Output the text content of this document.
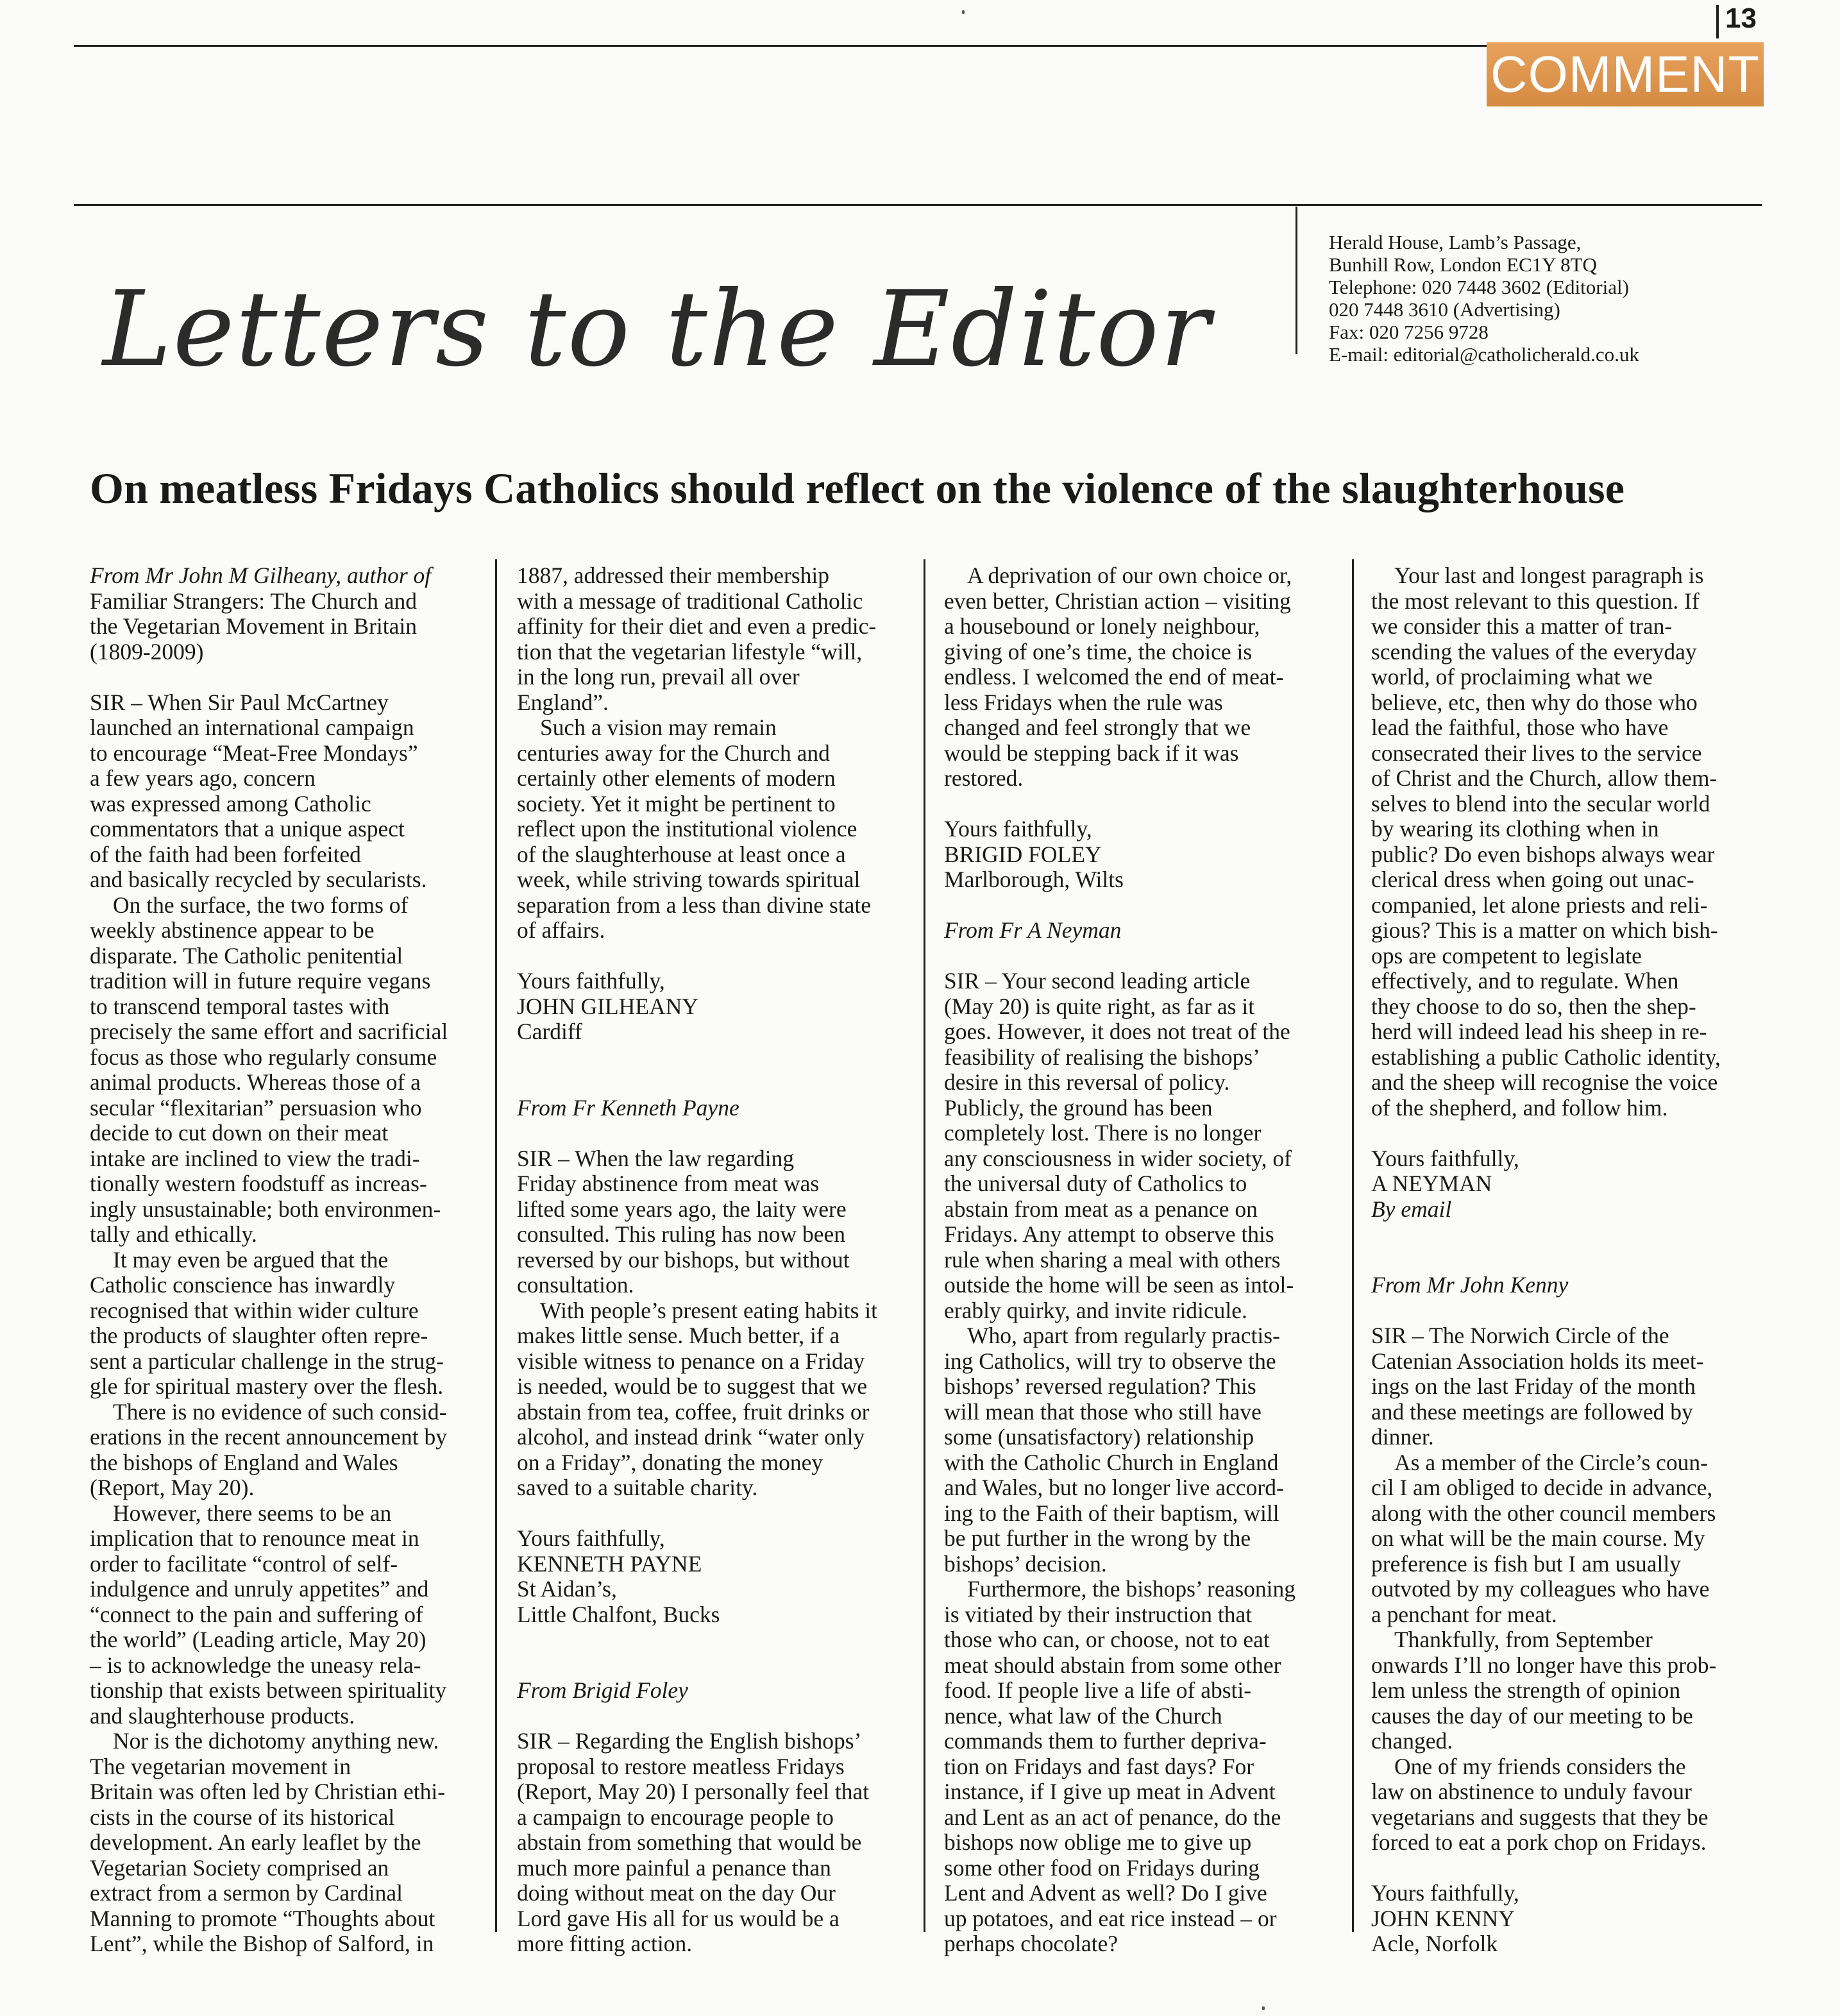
13
COMMENT
Letters to the Editor
Herald House, Lamb’s Passage,
Bunhill Row, London EC1Y 8TQ
Telephone: 020 7448 3602 (Editorial)
020 7448 3610 (Advertising)
Fax: 020 7256 9728
E-mail: editorial@catholicherald.co.uk
On meatless Fridays Catholics should reflect on the violence of the slaughterhouse

From Mr John M Gilheany, author of

Familiar Strangers: The Church and

the Vegetarian Movement in Britain

(1809-2009)

SIR – When Sir Paul McCartney

launched an international campaign

to encourage “Meat-Free Mondays”

a few years ago, concern

was expressed among Catholic

commentators that a unique aspect

of the faith had been forfeited

and basically recycled by secularists.

On the surface, the two forms of

weekly abstinence appear to be

disparate. The Catholic penitential

tradition will in future require vegans

to transcend temporal tastes with

precisely the same effort and sacrificial

focus as those who regularly consume

animal products. Whereas those of a

secular “flexitarian” persuasion who

decide to cut down on their meat

intake are inclined to view the tradi-

tionally western foodstuff as increas-

ingly unsustainable; both environmen-

tally and ethically.

It may even be argued that the

Catholic conscience has inwardly

recognised that within wider culture

the products of slaughter often repre-

sent a particular challenge in the strug-

gle for spiritual mastery over the flesh.

There is no evidence of such consid-

erations in the recent announcement by

the bishops of England and Wales

(Report, May 20).

However, there seems to be an

implication that to renounce meat in

order to facilitate “control of self-

indulgence and unruly appetites” and

“connect to the pain and suffering of

the world” (Leading article, May 20)

– is to acknowledge the uneasy rela-

tionship that exists between spirituality

and slaughterhouse products.

Nor is the dichotomy anything new.

The vegetarian movement in

Britain was often led by Christian ethi-

cists in the course of its historical

development. An early leaflet by the

Vegetarian Society comprised an

extract from a sermon by Cardinal

Manning to promote “Thoughts about

Lent”, while the Bishop of Salford, in

1887, addressed their membership

with a message of traditional Catholic

affinity for their diet and even a predic-

tion that the vegetarian lifestyle “will,

in the long run, prevail all over

England”.

Such a vision may remain

centuries away for the Church and

certainly other elements of modern

society. Yet it might be pertinent to

reflect upon the institutional violence

of the slaughterhouse at least once a

week, while striving towards spiritual

separation from a less than divine state

of affairs.

Yours faithfully,

JOHN GILHEANY

Cardiff

From Fr Kenneth Payne

SIR – When the law regarding

Friday abstinence from meat was

lifted some years ago, the laity were

consulted. This ruling has now been

reversed by our bishops, but without

consultation.

With people’s present eating habits it

makes little sense. Much better, if a

visible witness to penance on a Friday

is needed, would be to suggest that we

abstain from tea, coffee, fruit drinks or

alcohol, and instead drink “water only

on a Friday”, donating the money

saved to a suitable charity.

Yours faithfully,

KENNETH PAYNE

St Aidan’s,

Little Chalfont, Bucks

From Brigid Foley

SIR – Regarding the English bishops’

proposal to restore meatless Fridays

(Report, May 20) I personally feel that

a campaign to encourage people to

abstain from something that would be

much more painful a penance than

doing without meat on the day Our

Lord gave His all for us would be a

more fitting action.

A deprivation of our own choice or,

even better, Christian action – visiting

a housebound or lonely neighbour,

giving of one’s time, the choice is

endless. I welcomed the end of meat-

less Fridays when the rule was

changed and feel strongly that we

would be stepping back if it was

restored.

Yours faithfully,

BRIGID FOLEY

Marlborough, Wilts

From Fr A Neyman

SIR – Your second leading article

(May 20) is quite right, as far as it

goes. However, it does not treat of the

feasibility of realising the bishops’

desire in this reversal of policy.

Publicly, the ground has been

completely lost. There is no longer

any consciousness in wider society, of

the universal duty of Catholics to

abstain from meat as a penance on

Fridays. Any attempt to observe this

rule when sharing a meal with others

outside the home will be seen as intol-

erably quirky, and invite ridicule.

Who, apart from regularly practis-

ing Catholics, will try to observe the

bishops’ reversed regulation? This

will mean that those who still have

some (unsatisfactory) relationship

with the Catholic Church in England

and Wales, but no longer live accord-

ing to the Faith of their baptism, will

be put further in the wrong by the

bishops’ decision.

Furthermore, the bishops’ reasoning

is vitiated by their instruction that

those who can, or choose, not to eat

meat should abstain from some other

food. If people live a life of absti-

nence, what law of the Church

commands them to further depriva-

tion on Fridays and fast days? For

instance, if I give up meat in Advent

and Lent as an act of penance, do the

bishops now oblige me to give up

some other food on Fridays during

Lent and Advent as well? Do I give

up potatoes, and eat rice instead – or

perhaps chocolate?

Your last and longest paragraph is

the most relevant to this question. If

we consider this a matter of tran-

scending the values of the everyday

world, of proclaiming what we

believe, etc, then why do those who

lead the faithful, those who have

consecrated their lives to the service

of Christ and the Church, allow them-

selves to blend into the secular world

by wearing its clothing when in

public? Do even bishops always wear

clerical dress when going out unac-

companied, let alone priests and reli-

gious? This is a matter on which bish-

ops are competent to legislate

effectively, and to regulate. When

they choose to do so, then the shep-

herd will indeed lead his sheep in re-

establishing a public Catholic identity,

and the sheep will recognise the voice

of the shepherd, and follow him.

Yours faithfully,

A NEYMAN

By email

From Mr John Kenny

SIR – The Norwich Circle of the

Catenian Association holds its meet-

ings on the last Friday of the month

and these meetings are followed by

dinner.

As a member of the Circle’s coun-

cil I am obliged to decide in advance,

along with the other council members

on what will be the main course. My

preference is fish but I am usually

outvoted by my colleagues who have

a penchant for meat.

Thankfully, from September

onwards I’ll no longer have this prob-

lem unless the strength of opinion

causes the day of our meeting to be

changed.

One of my friends considers the

law on abstinence to unduly favour

vegetarians and suggests that they be

forced to eat a pork chop on Fridays.

Yours faithfully,

JOHN KENNY

Acle, Norfolk
